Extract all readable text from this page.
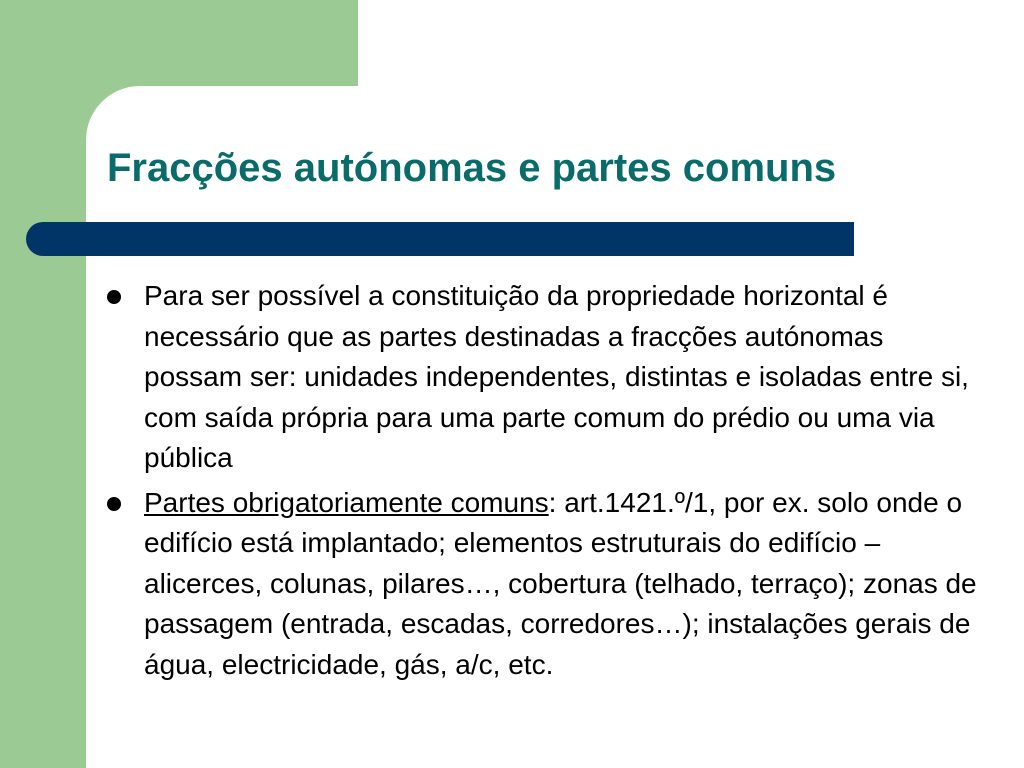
Fracções autónomas e partes comuns
Para ser possível a constituição da propriedade horizontal é necessário que as partes destinadas a fracções autónomas possam ser: unidades independentes, distintas e isoladas entre si, com saída própria para uma parte comum do prédio ou uma via pública
Partes obrigatoriamente comuns: art.1421.º/1, por ex. solo onde o edifício está implantado; elementos estruturais do edifício – alicerces, colunas, pilares…, cobertura (telhado, terraço); zonas de passagem (entrada, escadas, corredores…); instalações gerais de água, electricidade, gás, a/c, etc.
